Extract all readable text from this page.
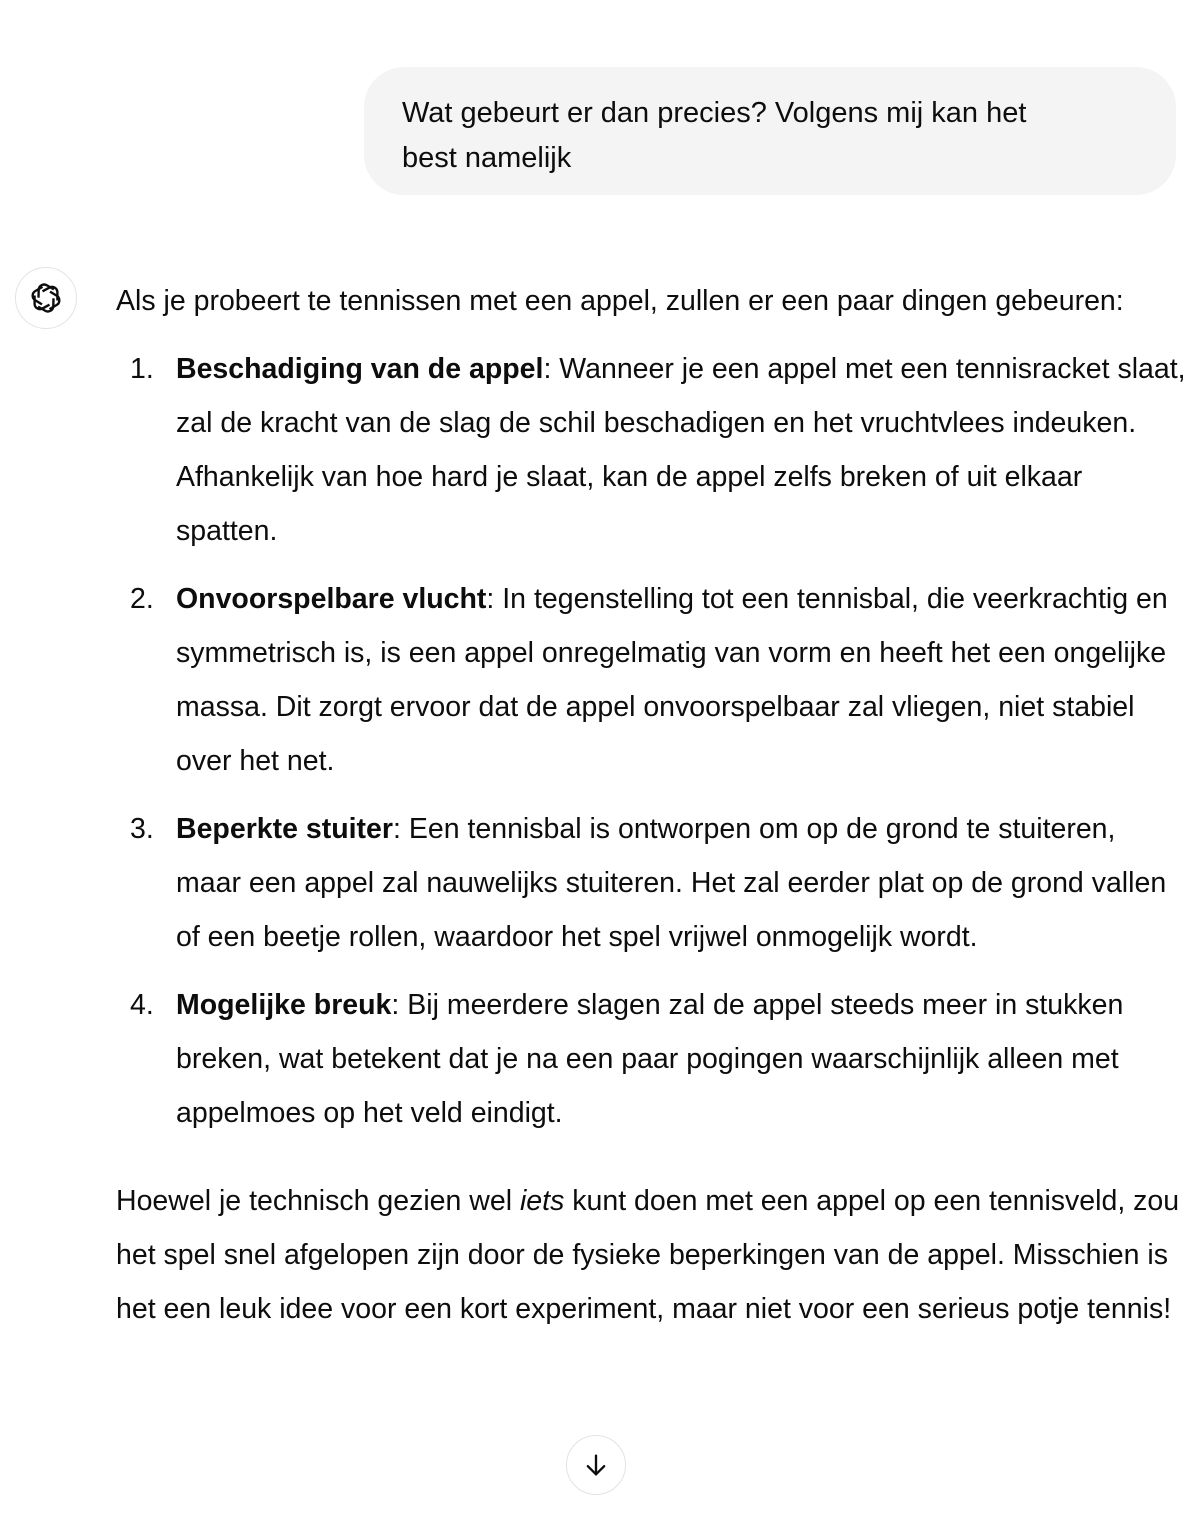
Wat gebeurt er dan precies? Volgens mij kan het
best namelijk

Als je probeert te tennissen met een appel, zullen er een paar dingen gebeuren:

1. Beschadiging van de appel: Wanneer je een appel met een tennisracket slaat, zal de kracht van de slag de schil beschadigen en het vruchtvlees indeuken. Afhankelijk van hoe hard je slaat, kan de appel zelfs breken of uit elkaar spatten.
2. Onvoorspelbare vlucht: In tegenstelling tot een tennisbal, die veerkrachtig en symmetrisch is, is een appel onregelmatig van vorm en heeft het een ongelijke massa. Dit zorgt ervoor dat de appel onvoorspelbaar zal vliegen, niet stabiel over het net.
3. Beperkte stuiter: Een tennisbal is ontworpen om op de grond te stuiteren, maar een appel zal nauwelijks stuiteren. Het zal eerder plat op de grond vallen of een beetje rollen, waardoor het spel vrijwel onmogelijk wordt.
4. Mogelijke breuk: Bij meerdere slagen zal de appel steeds meer in stukken breken, wat betekent dat je na een paar pogingen waarschijnlijk alleen met appelmoes op het veld eindigt.

Hoewel je technisch gezien wel iets kunt doen met een appel op een tennisveld, zou het spel snel afgelopen zijn door de fysieke beperkingen van de appel. Misschien is het een leuk idee voor een kort experiment, maar niet voor een serieus potje tennis!
